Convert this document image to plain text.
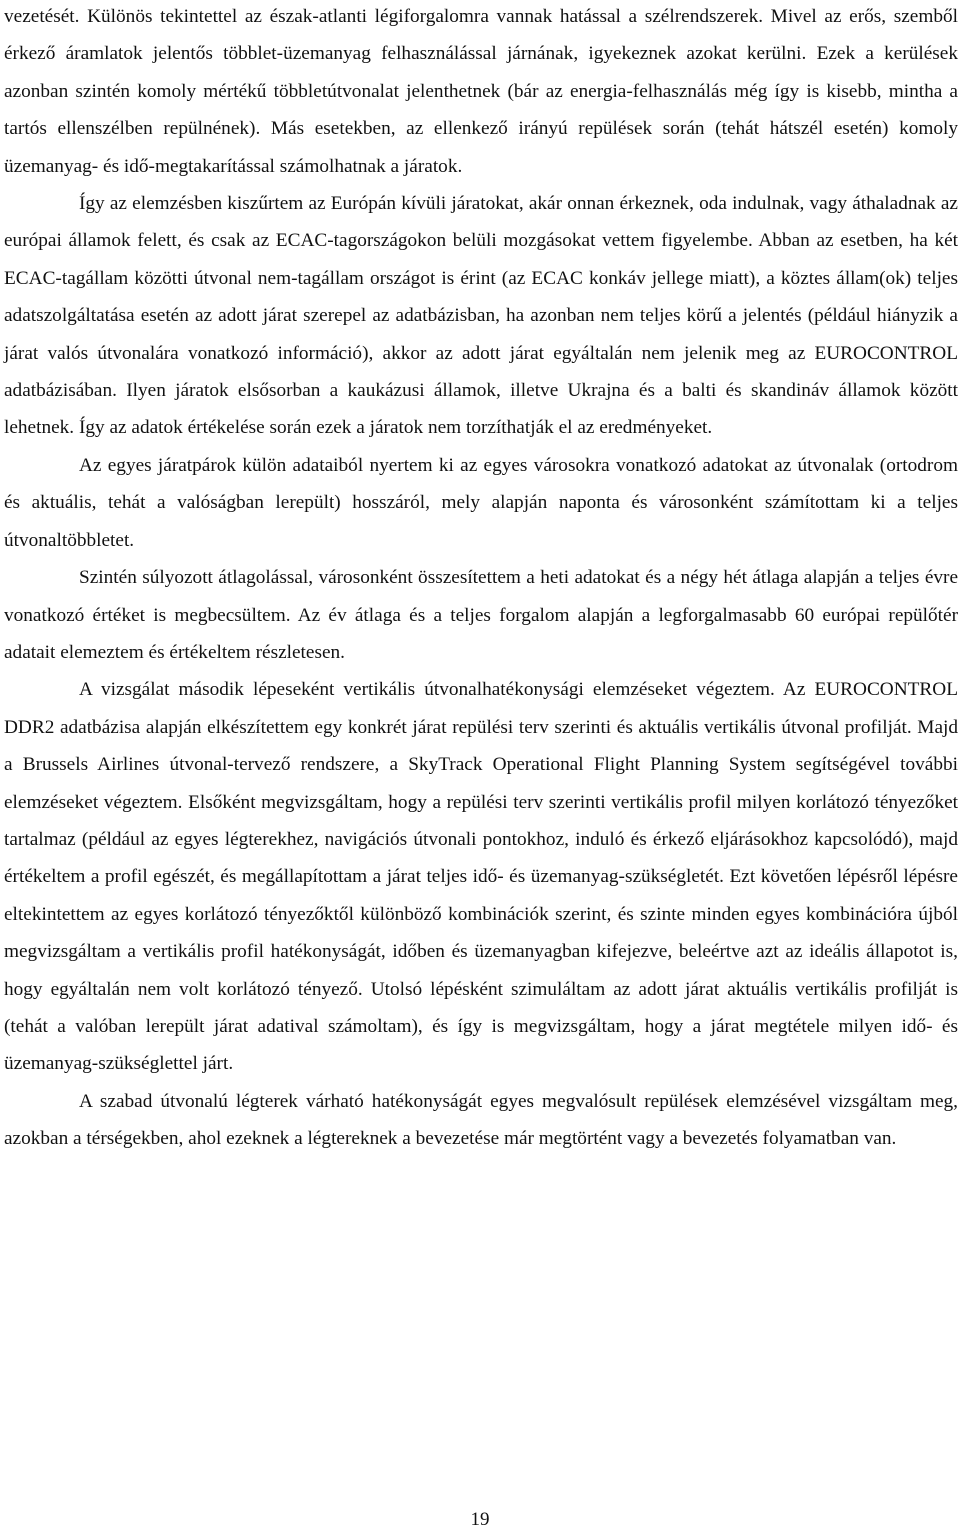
vezetését. Különös tekintettel az észak-atlanti légiforgalomra vannak hatással a szélrendszerek. Mivel az erős, szemből érkező áramlatok jelentős többlet-üzemanyag felhasználással járnának, igyekeznek azokat kerülni. Ezek a kerülések azonban szintén komoly mértékű többletútvonalat jelenthetnek (bár az energia-felhasználás még így is kisebb, mintha a tartós ellenszélben repülnének). Más esetekben, az ellenkező irányú repülések során (tehát hátszél esetén) komoly üzemanyag- és idő-megtakarítással számolhatnak a járatok.

Így az elemzésben kiszűrtem az Európán kívüli járatokat, akár onnan érkeznek, oda indulnak, vagy áthaladnak az európai államok felett, és csak az ECAC-tagországokon belüli mozgásokat vettem figyelembe. Abban az esetben, ha két ECAC-tagállam közötti útvonal nem-tagállam országot is érint (az ECAC konkáv jellege miatt), a köztes állam(ok) teljes adatszolgáltatása esetén az adott járat szerepel az adatbázisban, ha azonban nem teljes körű a jelentés (például hiányzik a járat valós útvonalára vonatkozó információ), akkor az adott járat egyáltalán nem jelenik meg az EUROCONTROL adatbázisában. Ilyen járatok elsősorban a kaukázusi államok, illetve Ukrajna és a balti és skandináv államok között lehetnek. Így az adatok értékelése során ezek a járatok nem torzíthatják el az eredményeket.

Az egyes járatpárok külön adataiból nyertem ki az egyes városokra vonatkozó adatokat az útvonalak (ortodrom és aktuális, tehát a valóságban lerepült) hosszáról, mely alapján naponta és városonként számítottam ki a teljes útvonaltöbbletet.

Szintén súlyozott átlagolással, városonként összesítettem a heti adatokat és a négy hét átlaga alapján a teljes évre vonatkozó értéket is megbecsültem. Az év átlaga és a teljes forgalom alapján a legforgalmasabb 60 európai repülőtér adatait elemeztem és értékeltem részletesen.

A vizsgálat második lépeseként vertikális útvonalhatékonysági elemzéseket végeztem. Az EUROCONTROL DDR2 adatbázisa alapján elkészítettem egy konkrét járat repülési terv szerinti és aktuális vertikális útvonal profilját. Majd a Brussels Airlines útvonal-tervező rendszere, a SkyTrack Operational Flight Planning System segítségével további elemzéseket végeztem. Elsőként megvizsgáltam, hogy a repülési terv szerinti vertikális profil milyen korlátozó tényezőket tartalmaz (például az egyes légterekhez, navigációs útvonali pontokhoz, induló és érkező eljárásokhoz kapcsolódó), majd értékeltem a profil egészét, és megállapítottam a járat teljes idő- és üzemanyag-szükségletét. Ezt követően lépésről lépésre eltekintettem az egyes korlátozó tényezőktől különböző kombinációk szerint, és szinte minden egyes kombinációra újból megvizsgáltam a vertikális profil hatékonyságát, időben és üzemanyagban kifejezve, beleértve azt az ideális állapotot is, hogy egyáltalán nem volt korlátozó tényező. Utolsó lépésként szimuláltam az adott járat aktuális vertikális profilját is (tehát a valóban lerepült járat adatival számoltam), és így is megvizsgáltam, hogy a járat megtétele milyen idő- és üzemanyag-szükséglettel járt.

A szabad útvonalú légterek várható hatékonyságát egyes megvalósult repülések elemzésével vizsgáltam meg, azokban a térségekben, ahol ezeknek a légtereknek a bevezetése már megtörtént vagy a bevezetés folyamatban van.

19
